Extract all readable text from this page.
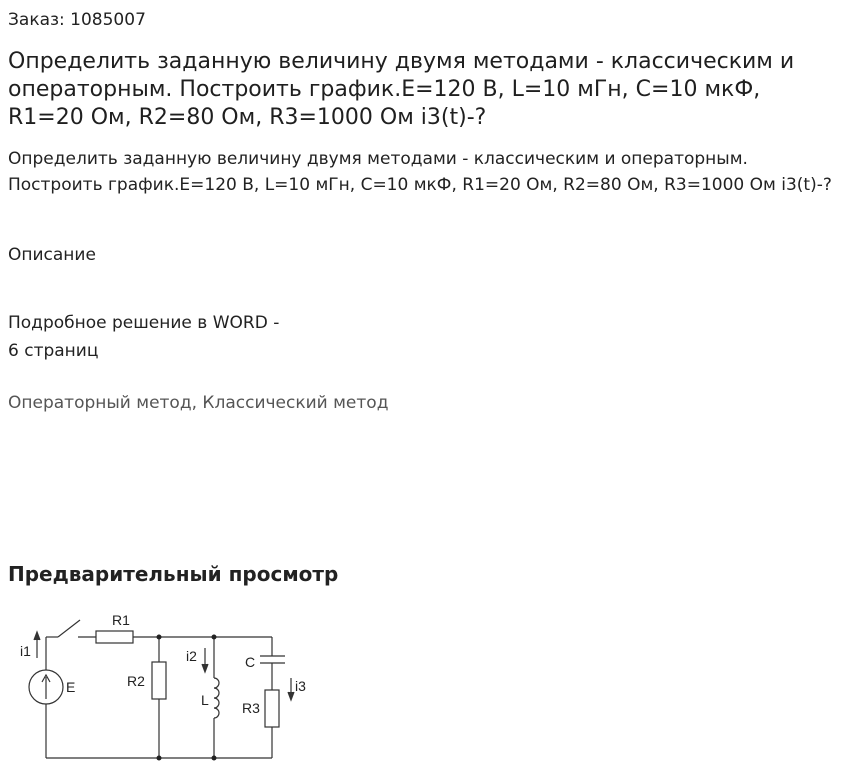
Заказ: 1085007
Определить заданную величину двумя методами - классическим и операторным. Построить график.E=120 В, L=10 мГн, C=10 мкФ, R1=20 Ом, R2=80 Ом, R3=1000 Ом i3(t)-?
Определить заданную величину двумя методами - классическим и операторным. Построить график.E=120 В, L=10 мГн, C=10 мкФ, R1=20 Ом, R2=80 Ом, R3=1000 Ом i3(t)-?
Описание
Подробное решение в WORD -
6 страниц
Операторный метод, Классический метод
Предварительный просмотр
R1
R2
R3
L
C
E
i1	i2
i3
